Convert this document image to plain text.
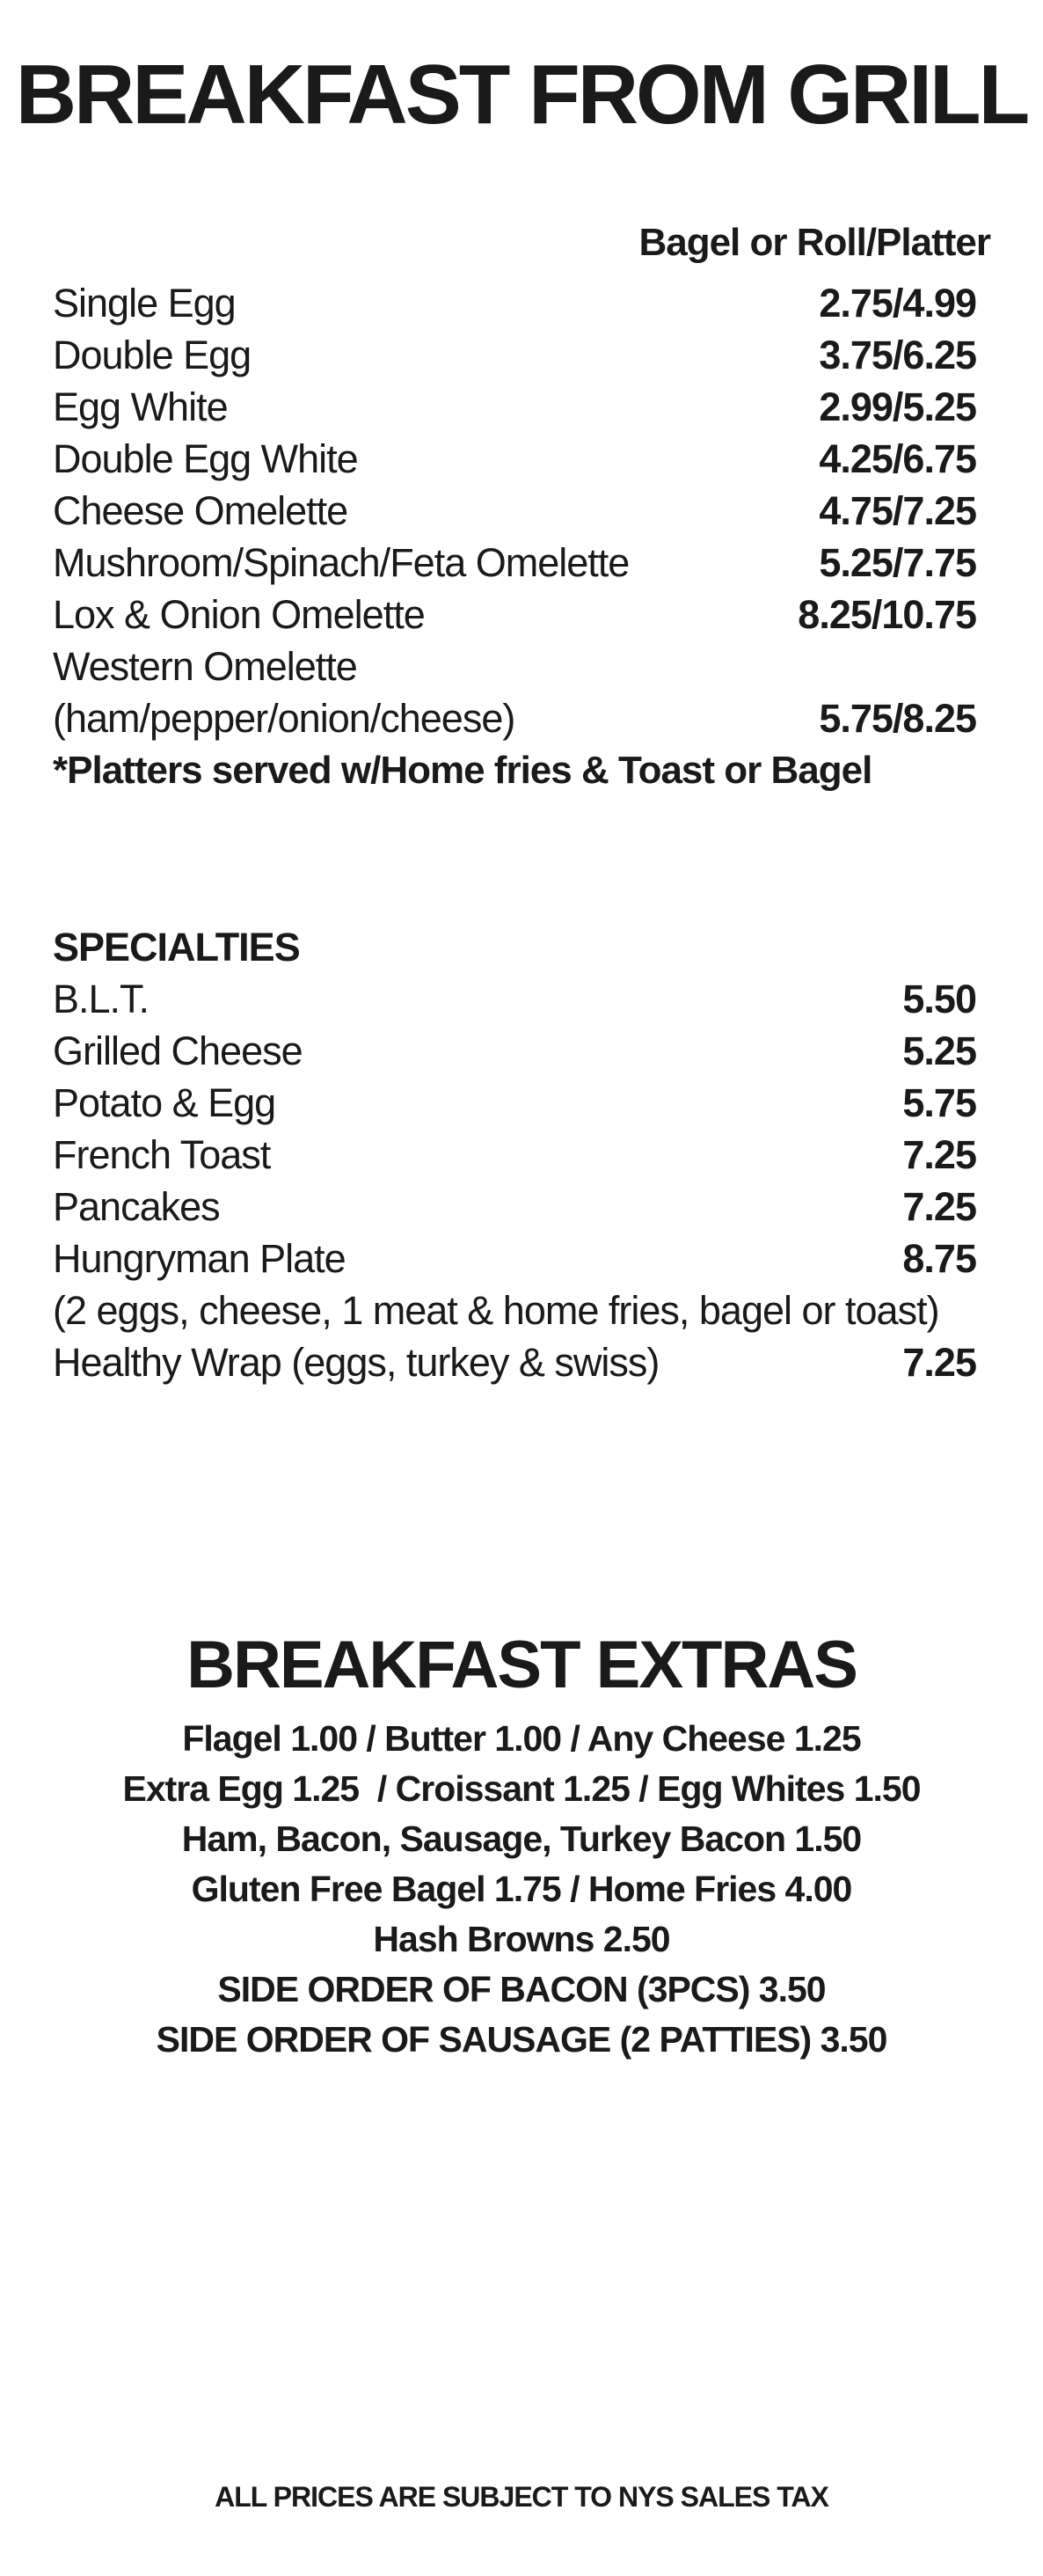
BREAKFAST FROM GRILL
Bagel or Roll/Platter
Single Egg	2.75/4.99
Double Egg	3.75/6.25
Egg White	2.99/5.25
Double Egg White	4.25/6.75
Cheese Omelette	4.75/7.25
Mushroom/Spinach/Feta Omelette	5.25/7.75
Lox & Onion Omelette	8.25/10.75
Western Omelette
(ham/pepper/onion/cheese)	5.75/8.25
*Platters served w/Home fries & Toast or Bagel
SPECIALTIES
B.L.T.	5.50
Grilled Cheese	5.25
Potato & Egg	5.75
French Toast	7.25
Pancakes	7.25
Hungryman Plate	8.75
(2 eggs, cheese, 1 meat & home fries, bagel or toast)
Healthy Wrap (eggs, turkey & swiss)	7.25
BREAKFAST EXTRAS
Flagel 1.00 / Butter 1.00 / Any Cheese 1.25
Extra Egg 1.25  / Croissant 1.25 / Egg Whites 1.50
Ham, Bacon, Sausage, Turkey Bacon 1.50
Gluten Free Bagel 1.75 / Home Fries 4.00
Hash Browns 2.50
SIDE ORDER OF BACON (3PCS) 3.50
SIDE ORDER OF SAUSAGE (2 PATTIES) 3.50
ALL PRICES ARE SUBJECT TO NYS SALES TAX
